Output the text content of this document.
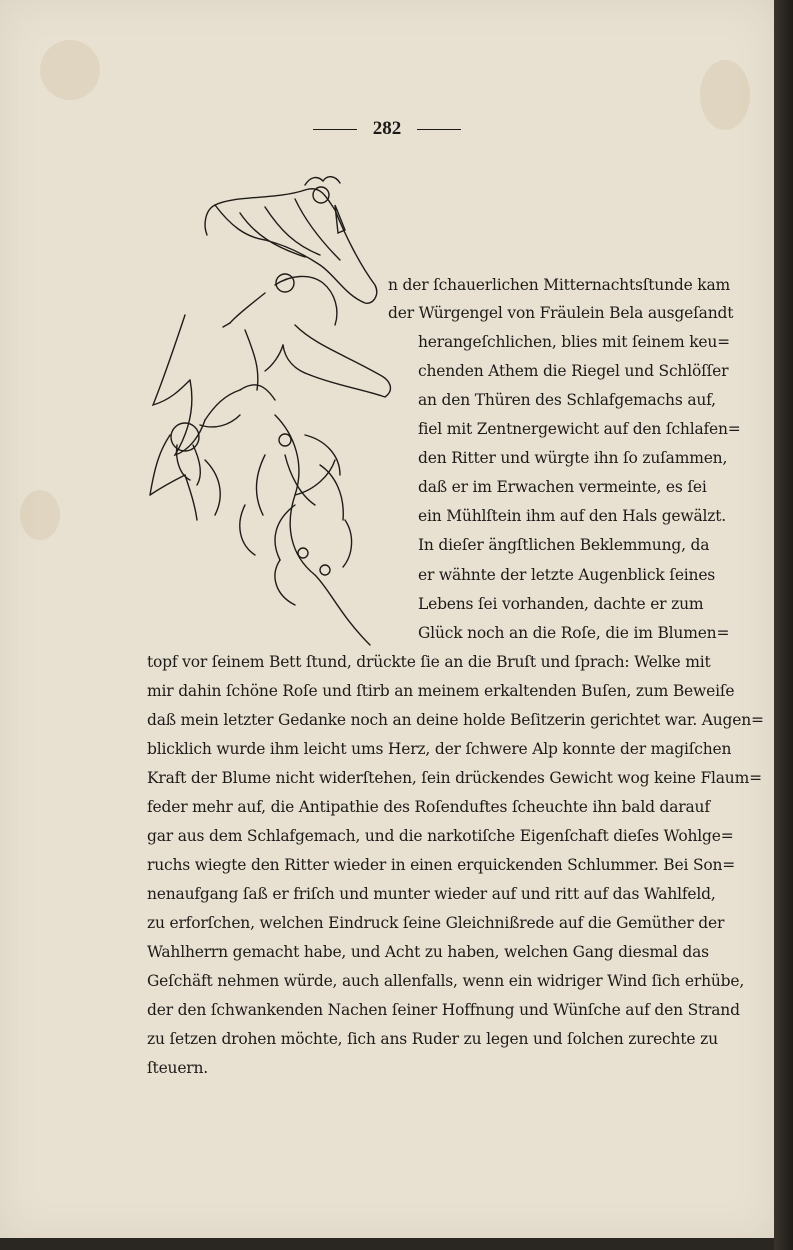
282
n der ſchauerlichen Mitternachtsſtunde kam
der Würgengel von Fräulein Bela ausgeſandt
herangeſchlichen, blies mit ſeinem keu=
chenden Athem die Riegel und Schlöſſer
an den Thüren des Schlafgemachs auf,
fiel mit Zentnergewicht auf den ſchlafen=
den Ritter und würgte ihn ſo zuſammen,
daß er im Erwachen vermeinte, es ſei
ein Mühlſtein ihm auf den Hals gewälzt.
In dieſer ängſtlichen Beklemmung, da
er wähnte der letzte Augenblick ſeines
Lebens ſei vorhanden, dachte er zum
Glück noch an die Roſe, die im Blumen=
topf vor ſeinem Bett ſtund, drückte ſie an die Bruſt und ſprach: Welke mit
mir dahin ſchöne Roſe und ſtirb an meinem erkaltenden Buſen, zum Beweiſe
daß mein letzter Gedanke noch an deine holde Beſitzerin gerichtet war. Augen=
blicklich wurde ihm leicht ums Herz, der ſchwere Alp konnte der magiſchen
Kraft der Blume nicht widerſtehen, ſein drückendes Gewicht wog keine Flaum=
feder mehr auf, die Antipathie des Roſenduftes ſcheuchte ihn bald darauf
gar aus dem Schlafgemach, und die narkotiſche Eigenſchaft dieſes Wohlge=
ruchs wiegte den Ritter wieder in einen erquickenden Schlummer. Bei Son=
nenaufgang ſaß er friſch und munter wieder auf und ritt auf das Wahlfeld,
zu erforſchen, welchen Eindruck ſeine Gleichnißrede auf die Gemüther der
Wahlherrn gemacht habe, und Acht zu haben, welchen Gang diesmal das
Geſchäft nehmen würde, auch allenfalls, wenn ein widriger Wind ſich erhübe,
der den ſchwankenden Nachen ſeiner Hoffnung und Wünſche auf den Strand
zu ſetzen drohen möchte, ſich ans Ruder zu legen und ſolchen zurechte zu
ſteuern.
